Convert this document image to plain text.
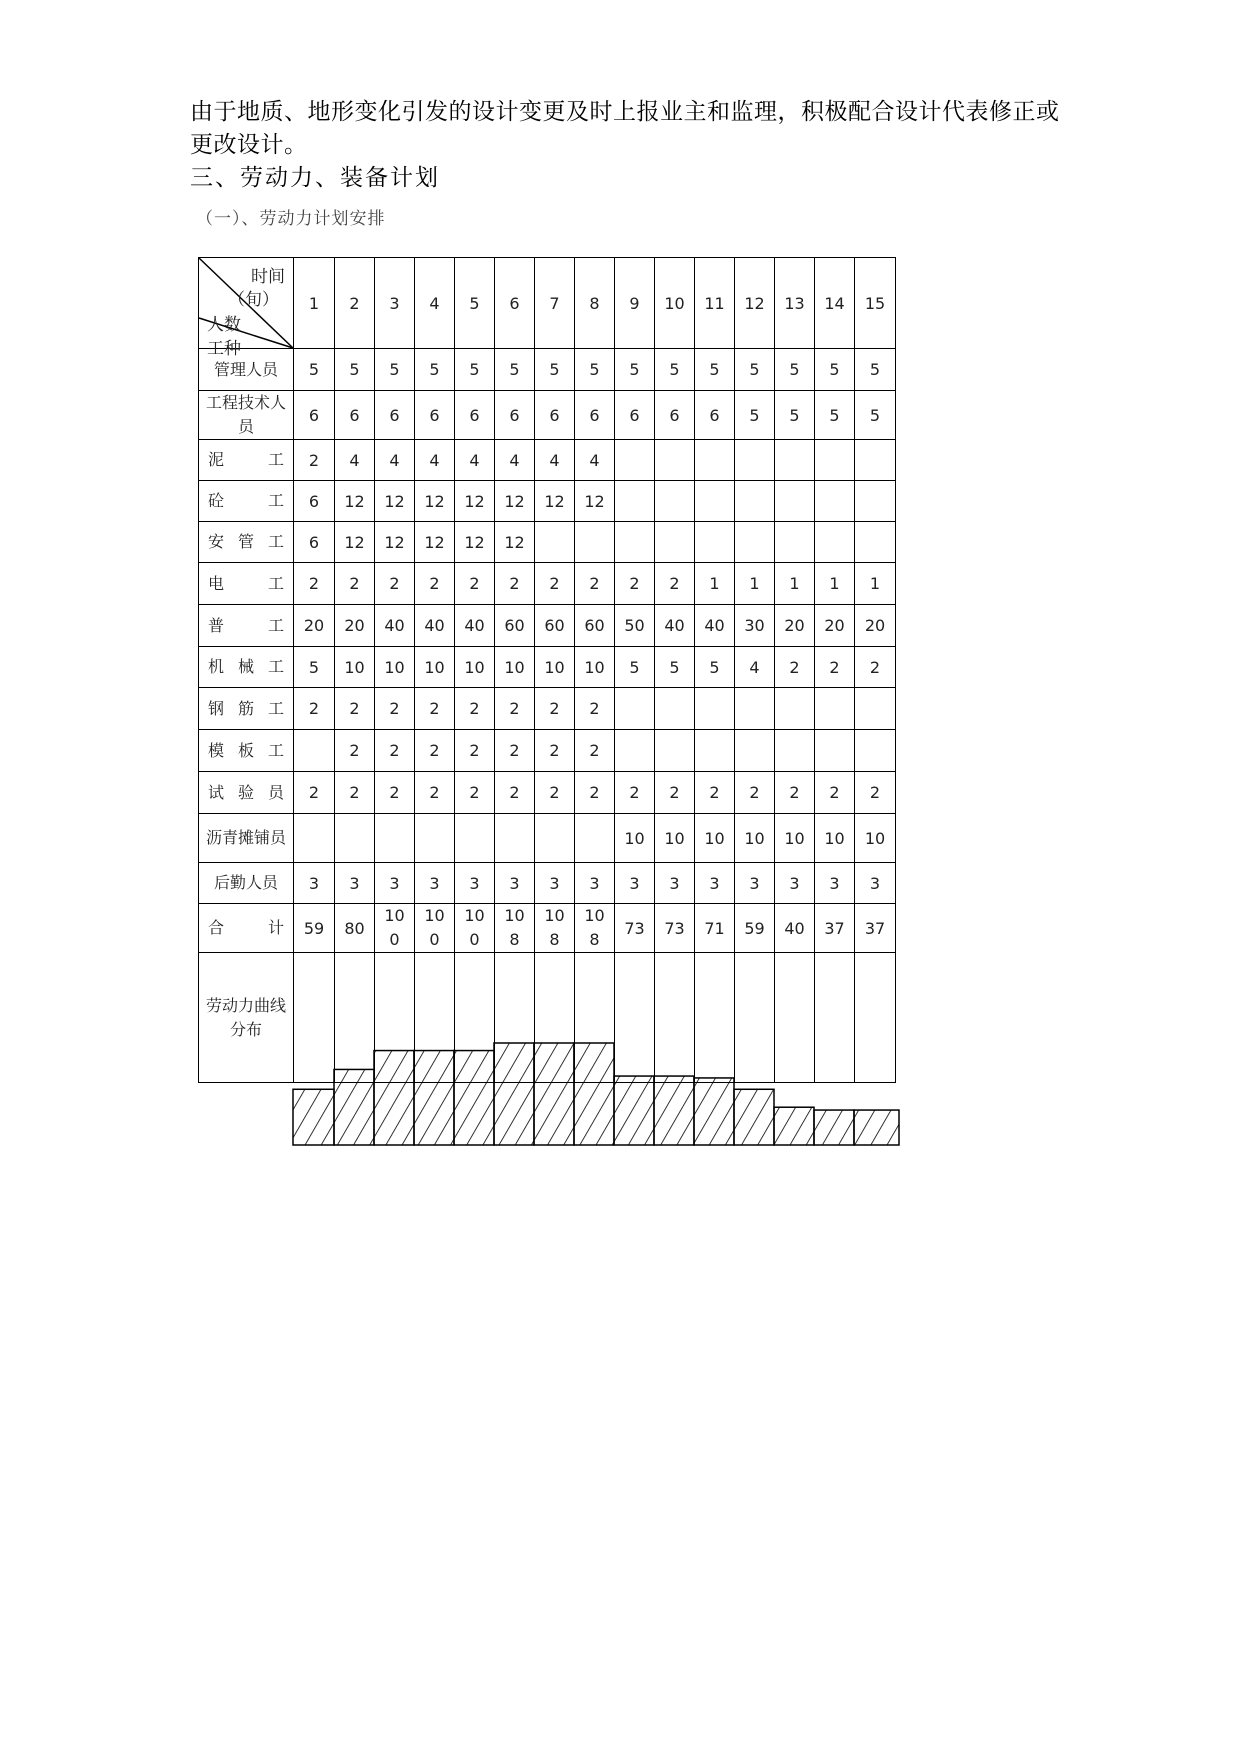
由于地质、地形变化引发的设计变更及时上报业主和监理，积极配合设计代表修正或更改设计。
三、劳动力、装备计划
（一）、劳动力计划安排
时间
（旬）
人数
工种	1	2	3	4	5	6	7	8	9	10	11	12	13	14	15
管理人员	5	5	5	5	5	5	5	5	5	5	5	5	5	5	5
工程技术人员	6	6	6	6	6	6	6	6	6	6	6	5	5	5	5
泥　工	2	4	4	4	4	4	4	4							
砼　工	6	12	12	12	12	12	12	12							
安管工	6	12	12	12	12	12									
电　工	2	2	2	2	2	2	2	2	2	2	1	1	1	1	1
普　工	20	20	40	40	40	60	60	60	50	40	40	30	20	20	20
机械工	5	10	10	10	10	10	10	10	5	5	5	4	2	2	2
钢筋工	2	2	2	2	2	2	2	2							
模板工		2	2	2	2	2	2	2							
试验员	2	2	2	2	2	2	2	2	2	2	2	2	2	2	2
沥青摊铺员									10	10	10	10	10	10	10
后勤人员	3	3	3	3	3	3	3	3	3	3	3	3	3	3	3
合　计	59	80	100	100	100	108	108	108	73	73	71	59	40	37	37
劳动力曲线分布															
